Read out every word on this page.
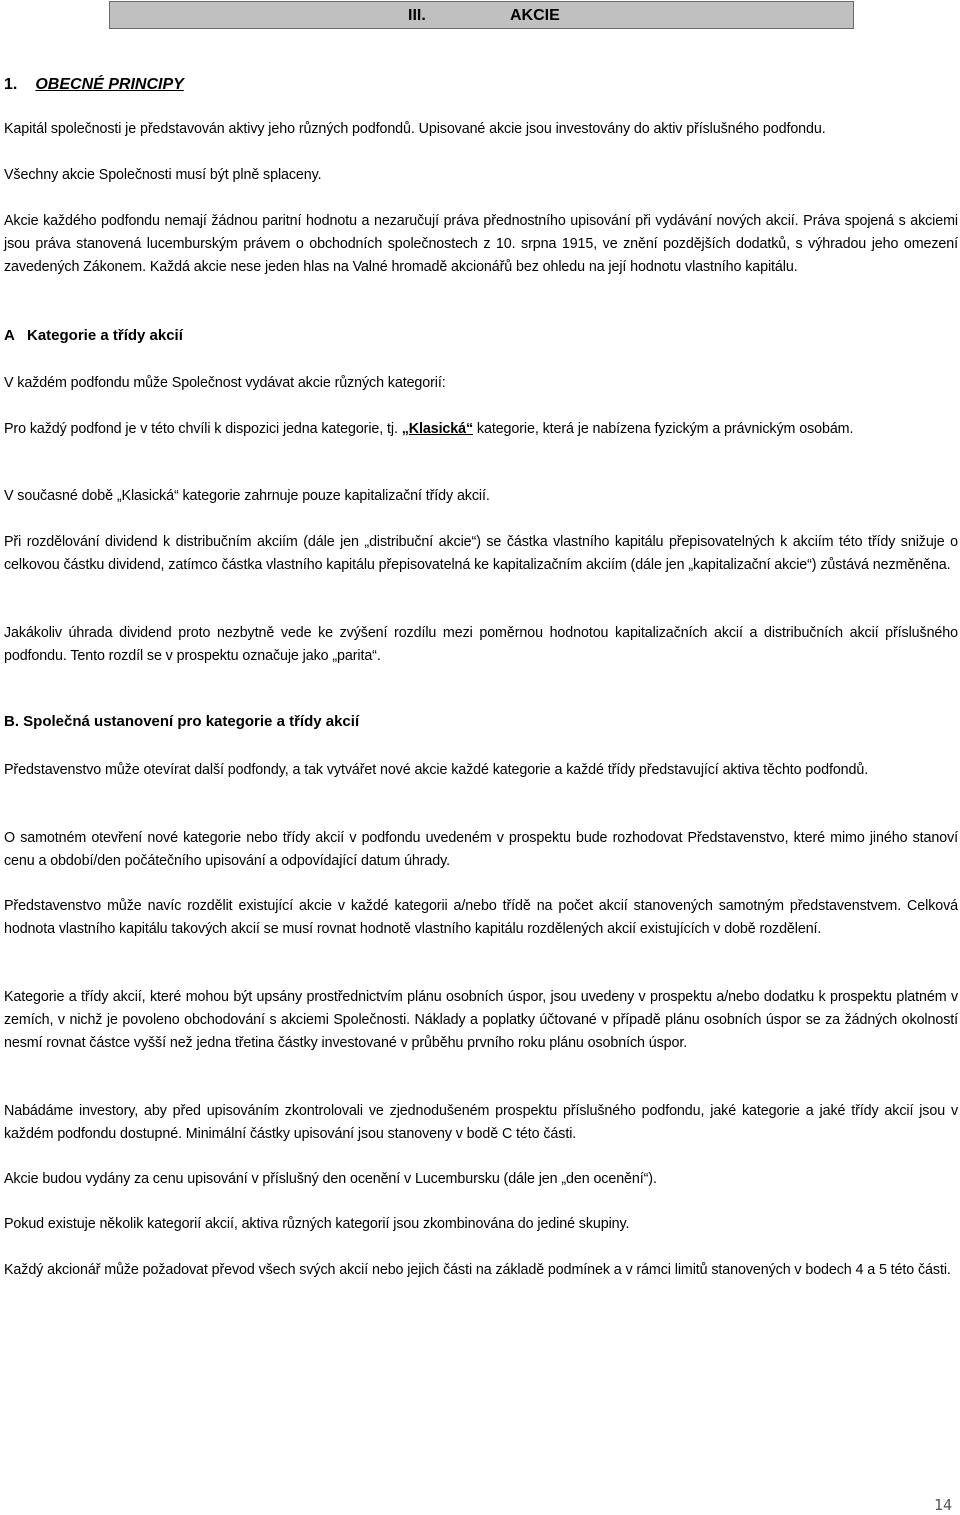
III.	AKCIE
1. OBECNÉ PRINCIPY

Kapitál společnosti je představován aktivy jeho různých podfondů. Upisované akcie jsou investovány do aktiv příslušného podfondu.

Všechny akcie Společnosti musí být plně splaceny.

Akcie každého podfondu nemají žádnou paritní hodnotu a nezaručují práva přednostního upisování při vydávání nových akcií. Práva spojená s akciemi jsou práva stanovená lucemburským právem o obchodních společnostech z 10. srpna 1915, ve znění pozdějších dodatků, s výhradou jeho omezení zavedených Zákonem. Každá akcie nese jeden hlas na Valné hromadě akcionářů bez ohledu na její hodnotu vlastního kapitálu.

A Kategorie a třídy akcií

V každém podfondu může Společnost vydávat akcie různých kategorií:

Pro každý podfond je v této chvíli k dispozici jedna kategorie, tj. „Klasická“ kategorie, která je nabízena fyzickým a právnickým osobám.

V současné době „Klasická“ kategorie zahrnuje pouze kapitalizační třídy akcií.

Při rozdělování dividend k distribučním akciím (dále jen „distribuční akcie“) se částka vlastního kapitálu přepisovatelných k akciím této třídy snižuje o celkovou částku dividend, zatímco částka vlastního kapitálu přepisovatelná ke kapitalizačním akciím (dále jen „kapitalizační akcie“) zůstává nezměněna.

Jakákoliv úhrada dividend proto nezbytně vede ke zvýšení rozdílu mezi poměrnou hodnotou kapitalizačních akcií a distribučních akcií příslušného podfondu. Tento rozdíl se v prospektu označuje jako „parita“.

B. Společná ustanovení pro kategorie a třídy akcií

Představenstvo může otevírat další podfondy, a tak vytvářet nové akcie každé kategorie a každé třídy představující aktiva těchto podfondů.

O samotném otevření nové kategorie nebo třídy akcií v podfondu uvedeném v prospektu bude rozhodovat Představenstvo, které mimo jiného stanoví cenu a období/den počátečního upisování a odpovídající datum úhrady.

Představenstvo může navíc rozdělit existující akcie v každé kategorii a/nebo třídě na počet akcií stanovených samotným představenstvem. Celková hodnota vlastního kapitálu takových akcií se musí rovnat hodnotě vlastního kapitálu rozdělených akcií existujících v době rozdělení.

Kategorie a třídy akcií, které mohou být upsány prostřednictvím plánu osobních úspor, jsou uvedeny v prospektu a/nebo dodatku k prospektu platném v zemích, v nichž je povoleno obchodování s akciemi Společnosti. Náklady a poplatky účtované v případě plánu osobních úspor se za žádných okolností nesmí rovnat částce vyšší než jedna třetina částky investované v průběhu prvního roku plánu osobních úspor.

Nabádáme investory, aby před upisováním zkontrolovali ve zjednodušeném prospektu příslušného podfondu, jaké kategorie a jaké třídy akcií jsou v každém podfondu dostupné. Minimální částky upisování jsou stanoveny v bodě C této části.

Akcie budou vydány za cenu upisování v příslušný den ocenění v Lucembursku (dále jen „den ocenění“).

Pokud existuje několik kategorií akcií, aktiva různých kategorií jsou zkombinována do jediné skupiny.

Každý akcionář může požadovat převod všech svých akcií nebo jejich části na základě podmínek a v rámci limitů stanovených v bodech 4 a 5 této části.

14
